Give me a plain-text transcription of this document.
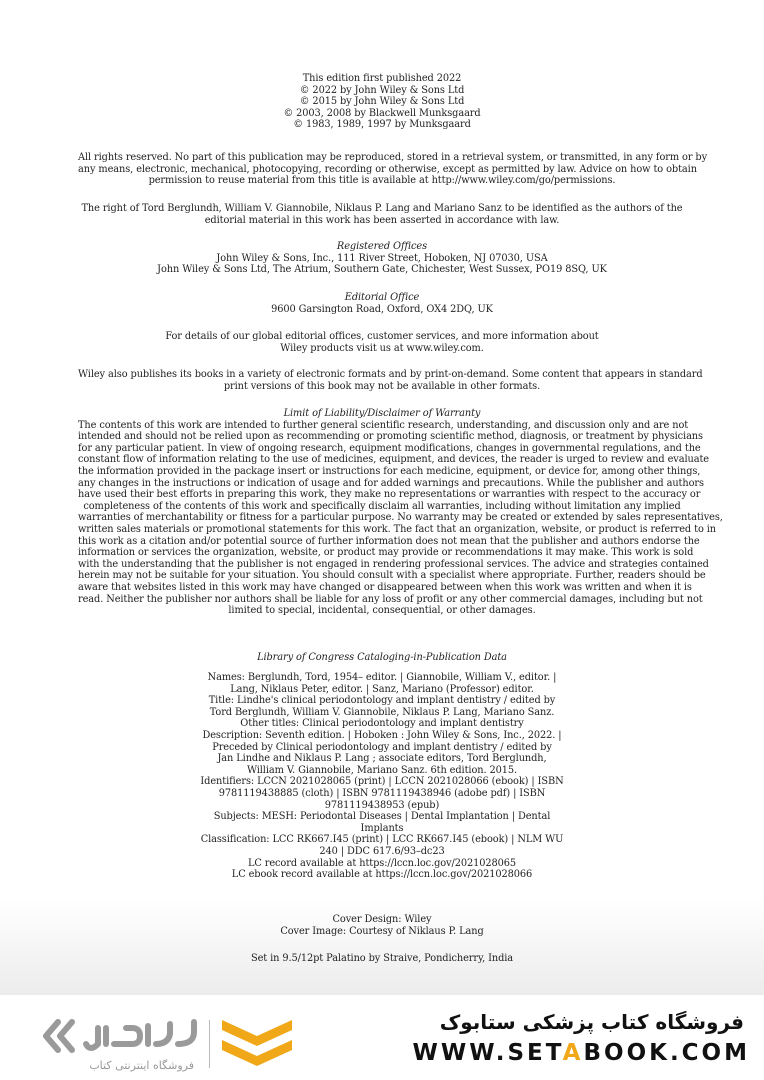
This edition first published 2022
© 2022 by John Wiley & Sons Ltd
© 2015 by John Wiley & Sons Ltd
© 2003, 2008 by Blackwell Munksgaard
© 1983, 1989, 1997 by Munksgaard
All rights reserved. No part of this publication may be reproduced, stored in a retrieval system, or transmitted, in any form or by
any means, electronic, mechanical, photocopying, recording or otherwise, except as permitted by law. Advice on how to obtain
permission to reuse material from this title is available at http://www.wiley.com/go/permissions.
The right of Tord Berglundh, William V. Giannobile, Niklaus P. Lang and Mariano Sanz to be identified as the authors of the
editorial material in this work has been asserted in accordance with law.
Registered Offices
John Wiley & Sons, Inc., 111 River Street, Hoboken, NJ 07030, USA
John Wiley & Sons Ltd, The Atrium, Southern Gate, Chichester, West Sussex, PO19 8SQ, UK
Editorial Office
9600 Garsington Road, Oxford, OX4 2DQ, UK
For details of our global editorial offices, customer services, and more information about
Wiley products visit us at www.wiley.com.
Wiley also publishes its books in a variety of electronic formats and by print-on-demand. Some content that appears in standard
print versions of this book may not be available in other formats.
Limit of Liability/Disclaimer of Warranty
The contents of this work are intended to further general scientific research, understanding, and discussion only and are not
intended and should not be relied upon as recommending or promoting scientific method, diagnosis, or treatment by physicians
for any particular patient. In view of ongoing research, equipment modifications, changes in governmental regulations, and the
constant flow of information relating to the use of medicines, equipment, and devices, the reader is urged to review and evaluate
the information provided in the package insert or instructions for each medicine, equipment, or device for, among other things,
any changes in the instructions or indication of usage and for added warnings and precautions. While the publisher and authors
have used their best efforts in preparing this work, they make no representations or warranties with respect to the accuracy or
completeness of the contents of this work and specifically disclaim all warranties, including without limitation any implied
warranties of merchantability or fitness for a particular purpose. No warranty may be created or extended by sales representatives,
written sales materials or promotional statements for this work. The fact that an organization, website, or product is referred to in
this work as a citation and/or potential source of further information does not mean that the publisher and authors endorse the
information or services the organization, website, or product may provide or recommendations it may make. This work is sold
with the understanding that the publisher is not engaged in rendering professional services. The advice and strategies contained
herein may not be suitable for your situation. You should consult with a specialist where appropriate. Further, readers should be
aware that websites listed in this work may have changed or disappeared between when this work was written and when it is
read. Neither the publisher nor authors shall be liable for any loss of profit or any other commercial damages, including but not
limited to special, incidental, consequential, or other damages.
Library of Congress Cataloging-in-Publication Data
Names: Berglundh, Tord, 1954– editor. | Giannobile, William V., editor. |
Lang, Niklaus Peter, editor. | Sanz, Mariano (Professor) editor.
Title: Lindhe's clinical periodontology and implant dentistry / edited by
Tord Berglundh, William V. Giannobile, Niklaus P. Lang, Mariano Sanz.
Other titles: Clinical periodontology and implant dentistry
Description: Seventh edition. | Hoboken : John Wiley & Sons, Inc., 2022. |
Preceded by Clinical periodontology and implant dentistry / edited by
Jan Lindhe and Niklaus P. Lang ; associate editors, Tord Berglundh,
William V. Giannobile, Mariano Sanz. 6th edition. 2015.
Identifiers: LCCN 2021028065 (print) | LCCN 2021028066 (ebook) | ISBN
9781119438885 (cloth) | ISBN 9781119438946 (adobe pdf) | ISBN
9781119438953 (epub)
Subjects: MESH: Periodontal Diseases | Dental Implantation | Dental
Implants
Classification: LCC RK667.I45 (print) | LCC RK667.I45 (ebook) | NLM WU
240 | DDC 617.6/93–dc23
LC record available at https://lccn.loc.gov/2021028065
LC ebook record available at https://lccn.loc.gov/2021028066
Cover Design: Wiley
Cover Image: Courtesy of Niklaus P. Lang
Set in 9.5/12pt Palatino by Straive, Pondicherry, India
فروشگاه اینترنتی کتاب
فروشگاه کتاب پزشکی ستابوک
WWW.SETABOOK.COM
